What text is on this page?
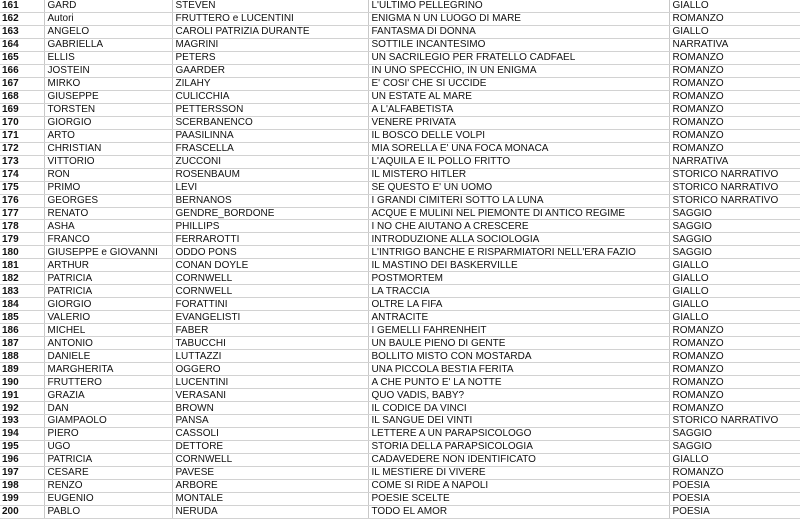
161	GARD	STEVEN	L'ULTIMO PELLEGRINO	GIALLO
162	Autori	FRUTTERO e LUCENTINI	ENIGMA N UN LUOGO DI MARE	ROMANZO
163	ANGELO	CAROLI PATRIZIA DURANTE	FANTASMA DI DONNA	GIALLO
164	GABRIELLA	MAGRINI	SOTTILE INCANTESIMO	NARRATIVA
165	ELLIS	PETERS	UN SACRILEGIO PER FRATELLO CADFAEL	ROMANZO
166	JOSTEIN	GAARDER	IN UNO SPECCHIO, IN UN ENIGMA	ROMANZO
167	MIRKO	ZILAHY	E' COSI' CHE SI UCCIDE	ROMANZO
168	GIUSEPPE	CULICCHIA	UN ESTATE AL MARE	ROMANZO
169	TORSTEN	PETTERSSON	A L'ALFABETISTA	ROMANZO
170	GIORGIO	SCERBANENCO	VENERE PRIVATA	ROMANZO
171	ARTO	PAASILINNA	IL BOSCO DELLE VOLPI	ROMANZO
172	CHRISTIAN	FRASCELLA	MIA SORELLA E' UNA FOCA MONACA	ROMANZO
173	VITTORIO	ZUCCONI	L'AQUILA E IL POLLO FRITTO	NARRATIVA
174	RON	ROSENBAUM	IL MISTERO HITLER	STORICO NARRATIVO
175	PRIMO	LEVI	SE QUESTO E' UN UOMO	STORICO NARRATIVO
176	GEORGES	BERNANOS	I GRANDI CIMITERI SOTTO LA LUNA	STORICO NARRATIVO
177	RENATO	GENDRE_BORDONE	ACQUE E MULINI NEL PIEMONTE DI ANTICO REGIME	SAGGIO
178	ASHA	PHILLIPS	I NO CHE AIUTANO A CRESCERE	SAGGIO
179	FRANCO	FERRAROTTI	INTRODUZIONE ALLA SOCIOLOGIA	SAGGIO
180	GIUSEPPE e GIOVANNI	ODDO PONS	L'INTRIGO BANCHE E RISPARMIATORI NELL'ERA FAZIO	SAGGIO
181	ARTHUR	CONAN DOYLE	IL MASTINO DEI BASKERVILLE	GIALLO
182	PATRICIA	CORNWELL	POSTMORTEM	GIALLO
183	PATRICIA	CORNWELL	LA TRACCIA	GIALLO
184	GIORGIO	FORATTINI	OLTRE LA FIFA	GIALLO
185	VALERIO	EVANGELISTI	ANTRACITE	GIALLO
186	MICHEL	FABER	I GEMELLI FAHRENHEIT	ROMANZO
187	ANTONIO	TABUCCHI	UN BAULE PIENO DI GENTE	ROMANZO
188	DANIELE	LUTTAZZI	BOLLITO MISTO CON MOSTARDA	ROMANZO
189	MARGHERITA	OGGERO	UNA PICCOLA BESTIA FERITA	ROMANZO
190	FRUTTERO	LUCENTINI	A CHE PUNTO E' LA NOTTE	ROMANZO
191	GRAZIA	VERASANI	QUO VADIS, BABY?	ROMANZO
192	DAN	BROWN	IL CODICE DA VINCI	ROMANZO
193	GIAMPAOLO	PANSA	IL SANGUE DEI VINTI	STORICO NARRATIVO
194	PIERO	CASSOLI	LETTERE A UN PARAPSICOLOGO	SAGGIO
195	UGO	DETTORE	STORIA DELLA PARAPSICOLOGIA	SAGGIO
196	PATRICIA	CORNWELL	CADAVEDERE NON IDENTIFICATO	GIALLO
197	CESARE	PAVESE	IL MESTIERE DI VIVERE	ROMANZO
198	RENZO	ARBORE	COME SI RIDE A NAPOLI	POESIA
199	EUGENIO	MONTALE	POESIE SCELTE	POESIA
200	PABLO	NERUDA	TODO EL AMOR	POESIA
